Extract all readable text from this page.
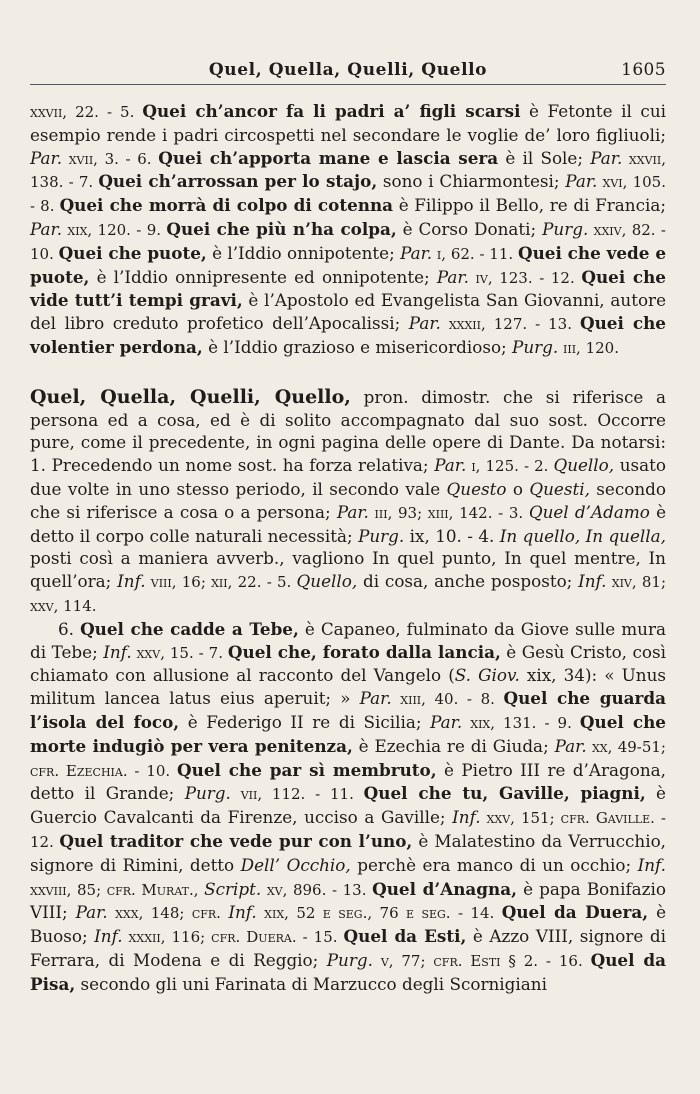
Quel, Quella, Quelli, Quello	1605

xxvii, 22. - 5. Quei ch’ancor fa li padri a’ figli scarsi è Fetonte il cui esempio rende i padri circospetti nel secondare le voglie de’ loro figliuoli; Par. xvii, 3. - 6. Quei ch’apporta mane e lascia sera è il Sole; Par. xxvii, 138. - 7. Quei ch’arrossan per lo stajo, sono i Chiarmontesi; Par. xvi, 105. - 8. Quei che morrà di colpo di cotenna è Filippo il Bello, re di Francia; Par. xix, 120. - 9. Quei che più n’ha colpa, è Corso Donati; Purg. xxiv, 82. - 10. Quei che puote, è l’Iddio onnipotente; Par. i, 62. - 11. Quei che vede e puote, è l’Iddio onnipresente ed onnipotente; Par. iv, 123. - 12. Quei che vide tutt’i tempi gravi, è l’Apostolo ed Evangelista San Giovanni, autore del libro creduto profetico dell’Apocalissi; Par. xxxii, 127. - 13. Quei che volentier perdona, è l’Iddio grazioso e misericordioso; Purg. iii, 120.

Quel, Quella, Quelli, Quello, pron. dimostr. che si riferisce a persona ed a cosa, ed è di solito accompagnato dal suo sost. Occorre pure, come il precedente, in ogni pagina delle opere di Dante. Da notarsi: 1. Precedendo un nome sost. ha forza relativa; Par. i, 125. - 2. Quello, usato due volte in uno stesso periodo, il secondo vale Questo o Questi, secondo che si riferisce a cosa o a persona; Par. iii, 93; xiii, 142. - 3. Quel d’Adamo è detto il corpo colle naturali necessità; Purg. ix, 10. - 4. In quello, In quella, posti così a maniera avverb., vagliono In quel punto, In quel mentre, In quell’ora; Inf. viii, 16; xii, 22. - 5. Quello, di cosa, anche posposto; Inf. xiv, 81; xxv, 114.

6. Quel che cadde a Tebe, è Capaneo, fulminato da Giove sulle mura di Tebe; Inf. xxv, 15. - 7. Quel che, forato dalla lancia, è Gesù Cristo, così chiamato con allusione al racconto del Vangelo (S. Giov. xix, 34): « Unus militum lancea latus eius aperuit; » Par. xiii, 40. - 8. Quel che guarda l’isola del foco, è Federigo II re di Sicilia; Par. xix, 131. - 9. Quel che morte indugiò per vera penitenza, è Ezechia re di Giuda; Par. xx, 49-51; cfr. Ezechia. - 10. Quel che par sì membruto, è Pietro III re d’Aragona, detto il Grande; Purg. vii, 112. - 11. Quel che tu, Gaville, piagni, è Guercio Cavalcanti da Firenze, ucciso a Gaville; Inf. xxv, 151; cfr. Gaville. - 12. Quel traditor che vede pur con l’uno, è Malatestino da Verrucchio, signore di Rimini, detto Dell’ Occhio, perchè era manco di un occhio; Inf. xxviii, 85; cfr. Murat., Script. xv, 896. - 13. Quel d’Anagna, è papa Bonifazio VIII; Par. xxx, 148; cfr. Inf. xix, 52 e seg., 76 e seg. - 14. Quel da Duera, è Buoso; Inf. xxxii, 116; cfr. Duera. - 15. Quel da Esti, è Azzo VIII, signore di Ferrara, di Modena e di Reggio; Purg. v, 77; cfr. Esti § 2. - 16. Quel da Pisa, secondo gli uni Farinata di Marzucco degli Scornigiani
